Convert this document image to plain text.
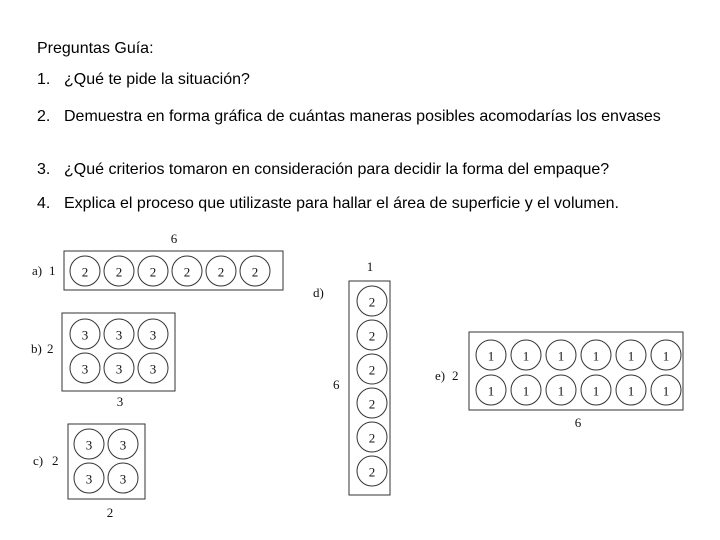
Preguntas Guía:
1. ¿Qué te pide la situación?
2. Demuestra en forma gráfica de cuántas maneras posibles acomodarías los envases
3. ¿Qué criterios tomaron en consideración para decidir la forma del empaque?
4. Explica el proceso que utilizaste para hallar el área de superficie y el volumen.
a) 1
6
2 2 2 2 2 2
b) 2
3
3 3 3
3 3 3
c) 2
2
3 3
3 3
d)
1
6
2
2
2
2
2
2
e) 2
6
1 1 1 1 1 1
1 1 1 1 1 1
